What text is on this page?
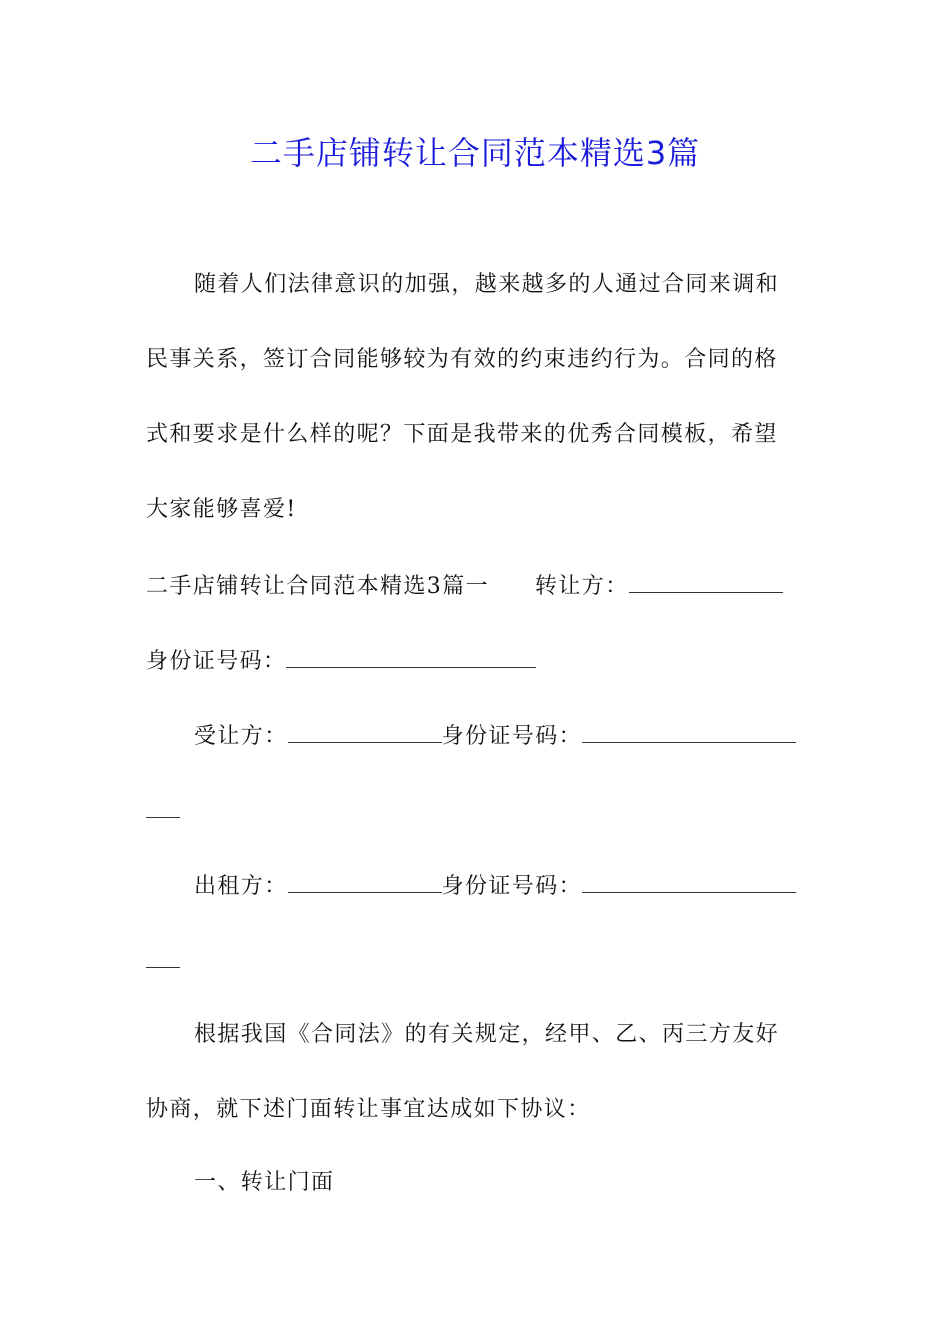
二手店铺转让合同范本精选3篇
随着人们法律意识的加强，越来越多的人通过合同来调和
民事关系，签订合同能够较为有效的约束违约行为。合同的格
式和要求是什么样的呢？下面是我带来的优秀合同模板，希望
大家能够喜爱!
二手店铺转让合同范本精选3篇一 转让方：
身份证号码：
受让方：	身份证号码：
出租方：	身份证号码：
根据我国《合同法》的有关规定，经甲、乙、丙三方友好
协商，就下述门面转让事宜达成如下协议：
一、转让门面
